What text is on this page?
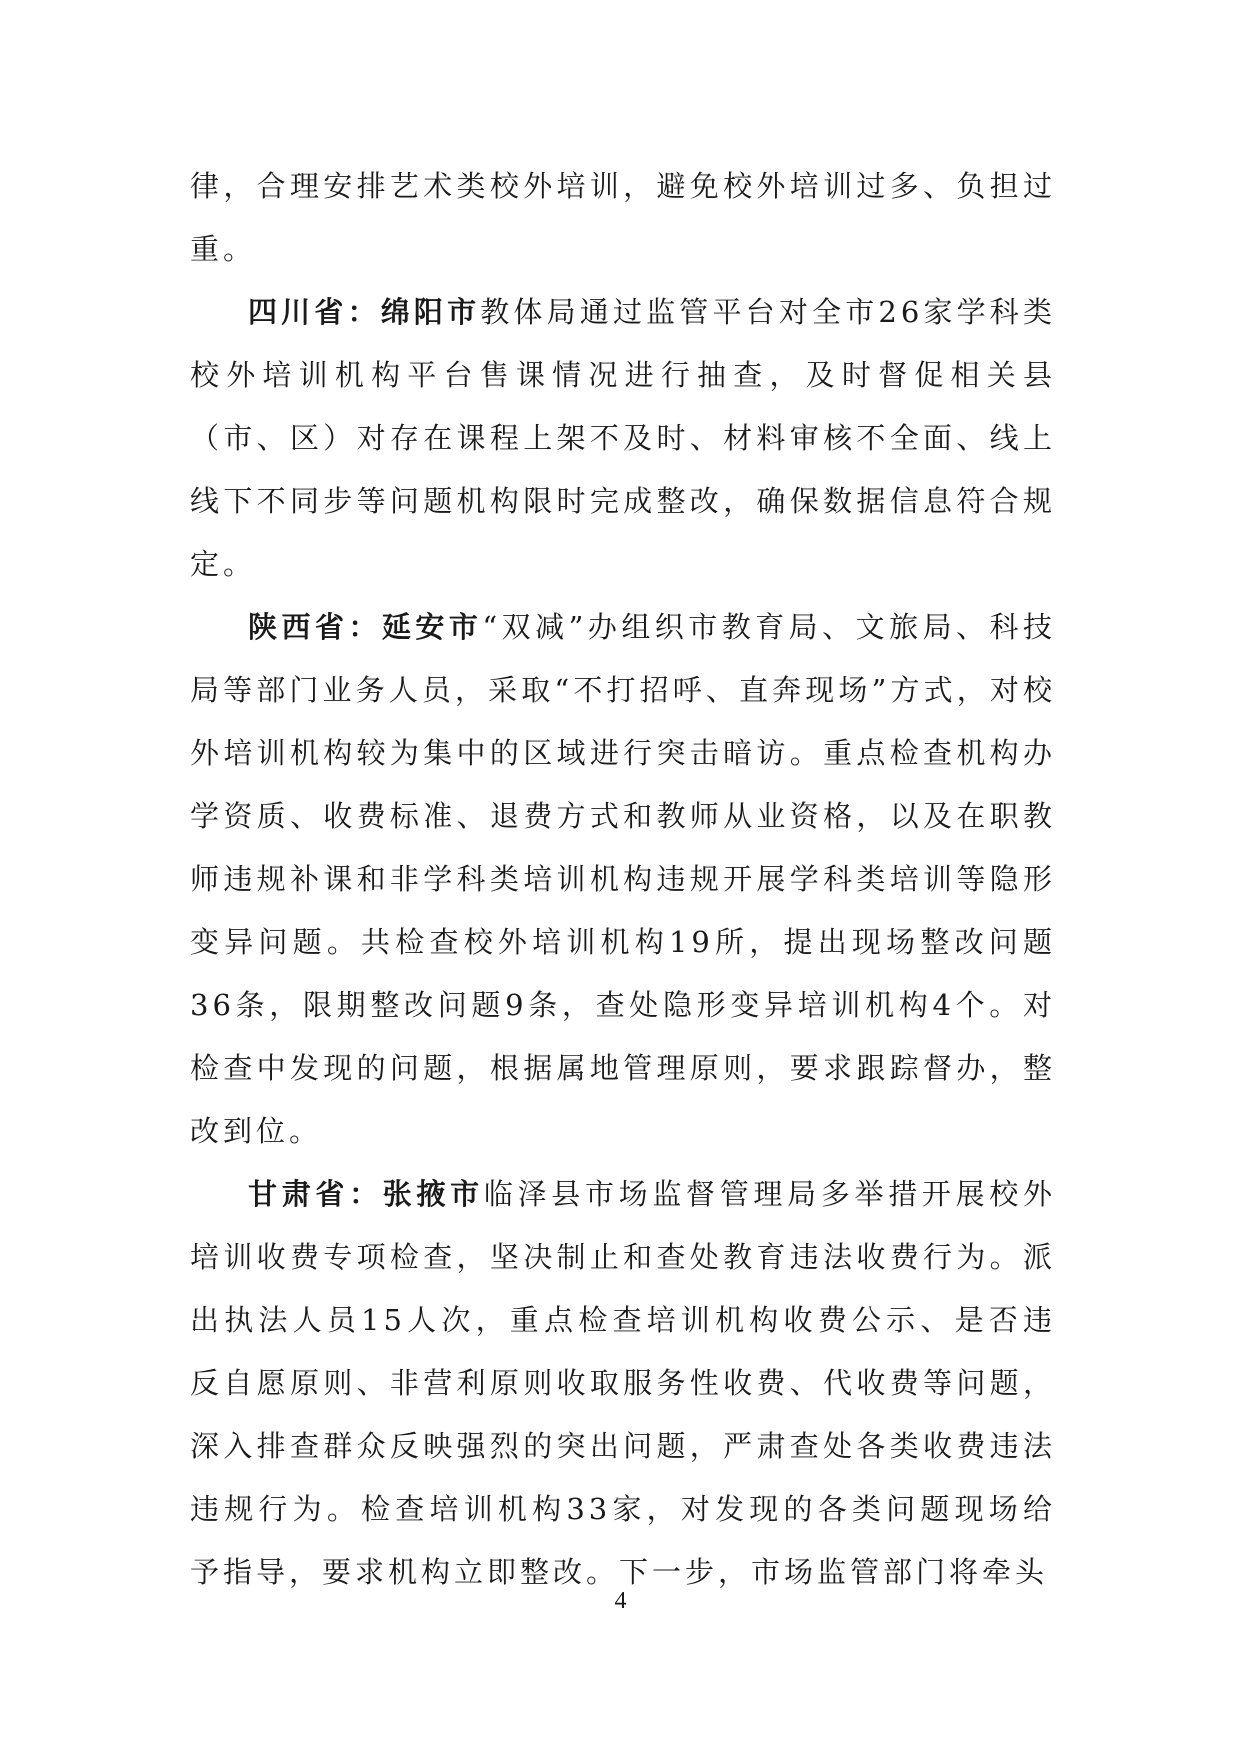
律，合理安排艺术类校外培训，避免校外培训过多、负担过重。

四川省：绵阳市教体局通过监管平台对全市26家学科类校外培训机构平台售课情况进行抽查，及时督促相关县（市、区）对存在课程上架不及时、材料审核不全面、线上线下不同步等问题机构限时完成整改，确保数据信息符合规定。

陕西省：延安市“双减”办组织市教育局、文旅局、科技局等部门业务人员，采取“不打招呼、直奔现场”方式，对校外培训机构较为集中的区域进行突击暗访。重点检查机构办学资质、收费标准、退费方式和教师从业资格，以及在职教师违规补课和非学科类培训机构违规开展学科类培训等隐形变异问题。共检查校外培训机构19所，提出现场整改问题36条，限期整改问题9条，查处隐形变异培训机构4个。对检查中发现的问题，根据属地管理原则，要求跟踪督办，整改到位。

甘肃省：张掖市临泽县市场监督管理局多举措开展校外培训收费专项检查，坚决制止和查处教育违法收费行为。派出执法人员15人次，重点检查培训机构收费公示、是否违反自愿原则、非营利原则收取服务性收费、代收费等问题，深入排查群众反映强烈的突出问题，严肃查处各类收费违法违规行为。检查培训机构33家，对发现的各类问题现场给予指导，要求机构立即整改。下一步，市场监管部门将牵头

4
